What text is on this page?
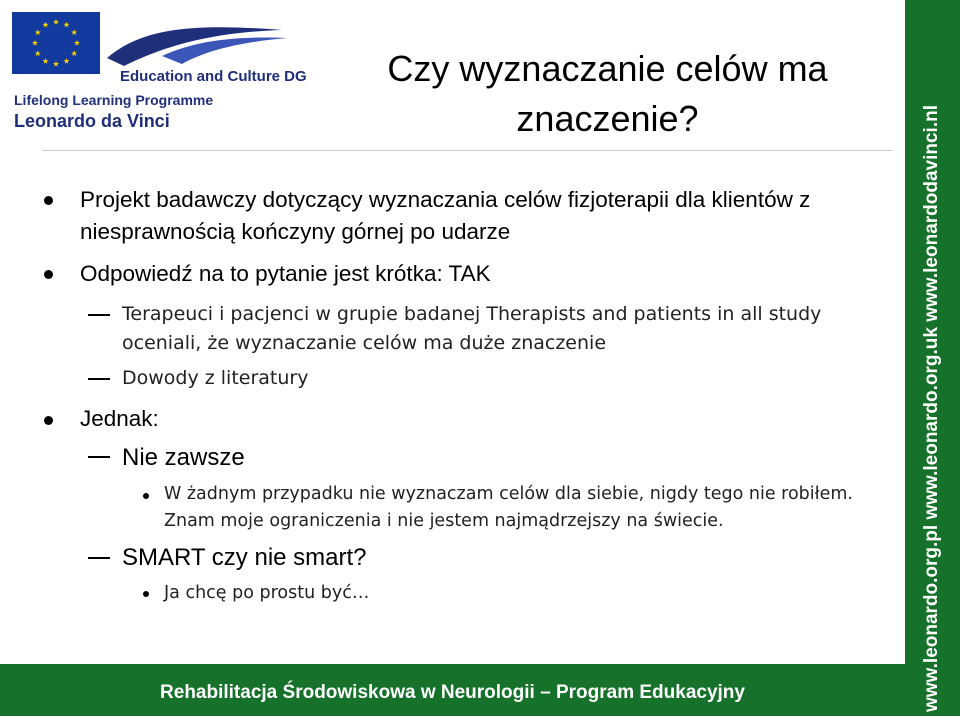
Education and Culture DG
Lifelong Learning Programme
Leonardo da Vinci
Czy wyznaczanie celów ma
znaczenie?
Projekt badawczy dotyczący wyznaczania celów fizjoterapii dla klientów z niesprawnością kończyny górnej po udarze
Odpowiedź na to pytanie jest krótka: TAK
Terapeuci i pacjenci w grupie badanej Therapists and patients in all study oceniali, że wyznaczanie celów ma duże znaczenie
Dowody z literatury
Jednak:
Nie zawsze
W żadnym przypadku nie wyznaczam celów dla siebie, nigdy tego nie robiłem. Znam moje ograniczenia i nie jestem najmądrzejszy na świecie.
SMART czy nie smart?
Ja chcę po prostu być…	www.leonardo.org.pl www.leonardo.org.uk www.leonardodavinci.nl
Rehabilitacja Środowiskowa w Neurologii – Program Edukacyjny
